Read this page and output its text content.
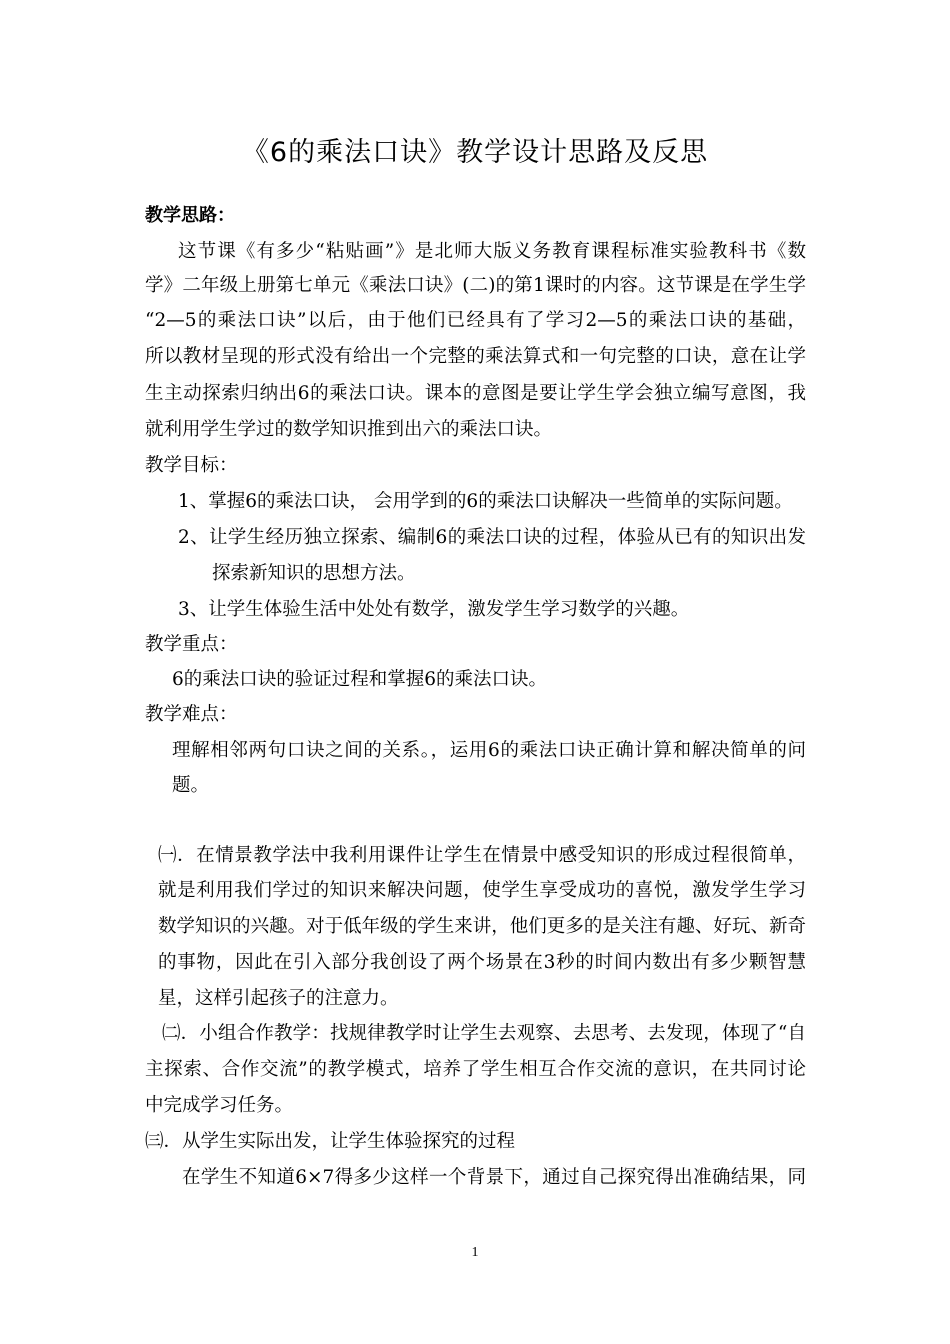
《6的乘法口诀》教学设计思路及反思
教学思路：
这节课《有多少“粘贴画”》是北师大版义务教育课程标准实验教科书《数
学》二年级上册第七单元《乘法口诀》(二)的第1课时的内容。这节课是在学生学
“2—5的乘法口诀”以后，由于他们已经具有了学习2—5的乘法口诀的基础，
所以教材呈现的形式没有给出一个完整的乘法算式和一句完整的口诀，意在让学
生主动探索归纳出6的乘法口诀。课本的意图是要让学生学会独立编写意图，我
就利用学生学过的数学知识推到出六的乘法口诀。
教学目标：
1、掌握6的乘法口诀， 会用学到的6的乘法口诀解决一些简单的实际问题。
2、让学生经历独立探索、编制6的乘法口诀的过程，体验从已有的知识出发
探索新知识的思想方法。
3、让学生体验生活中处处有数学，激发学生学习数学的兴趣。
教学重点：
6的乘法口诀的验证过程和掌握6的乘法口诀。
教学难点：
理解相邻两句口诀之间的关系。，运用6的乘法口诀正确计算和解决简单的问
题。
㈠．在情景教学法中我利用课件让学生在情景中感受知识的形成过程很简单，
就是利用我们学过的知识来解决问题，使学生享受成功的喜悦，激发学生学习
数学知识的兴趣。对于低年级的学生来讲，他们更多的是关注有趣、好玩、新奇
的事物，因此在引入部分我创设了两个场景在3秒的时间内数出有多少颗智慧
星，这样引起孩子的注意力。
㈡．小组合作教学：找规律教学时让学生去观察、去思考、去发现，体现了“自
主探索、合作交流”的教学模式，培养了学生相互合作交流的意识，在共同讨论
中完成学习任务。
㈢．从学生实际出发，让学生体验探究的过程
在学生不知道6×7得多少这样一个背景下，通过自己探究得出准确结果，同
1
